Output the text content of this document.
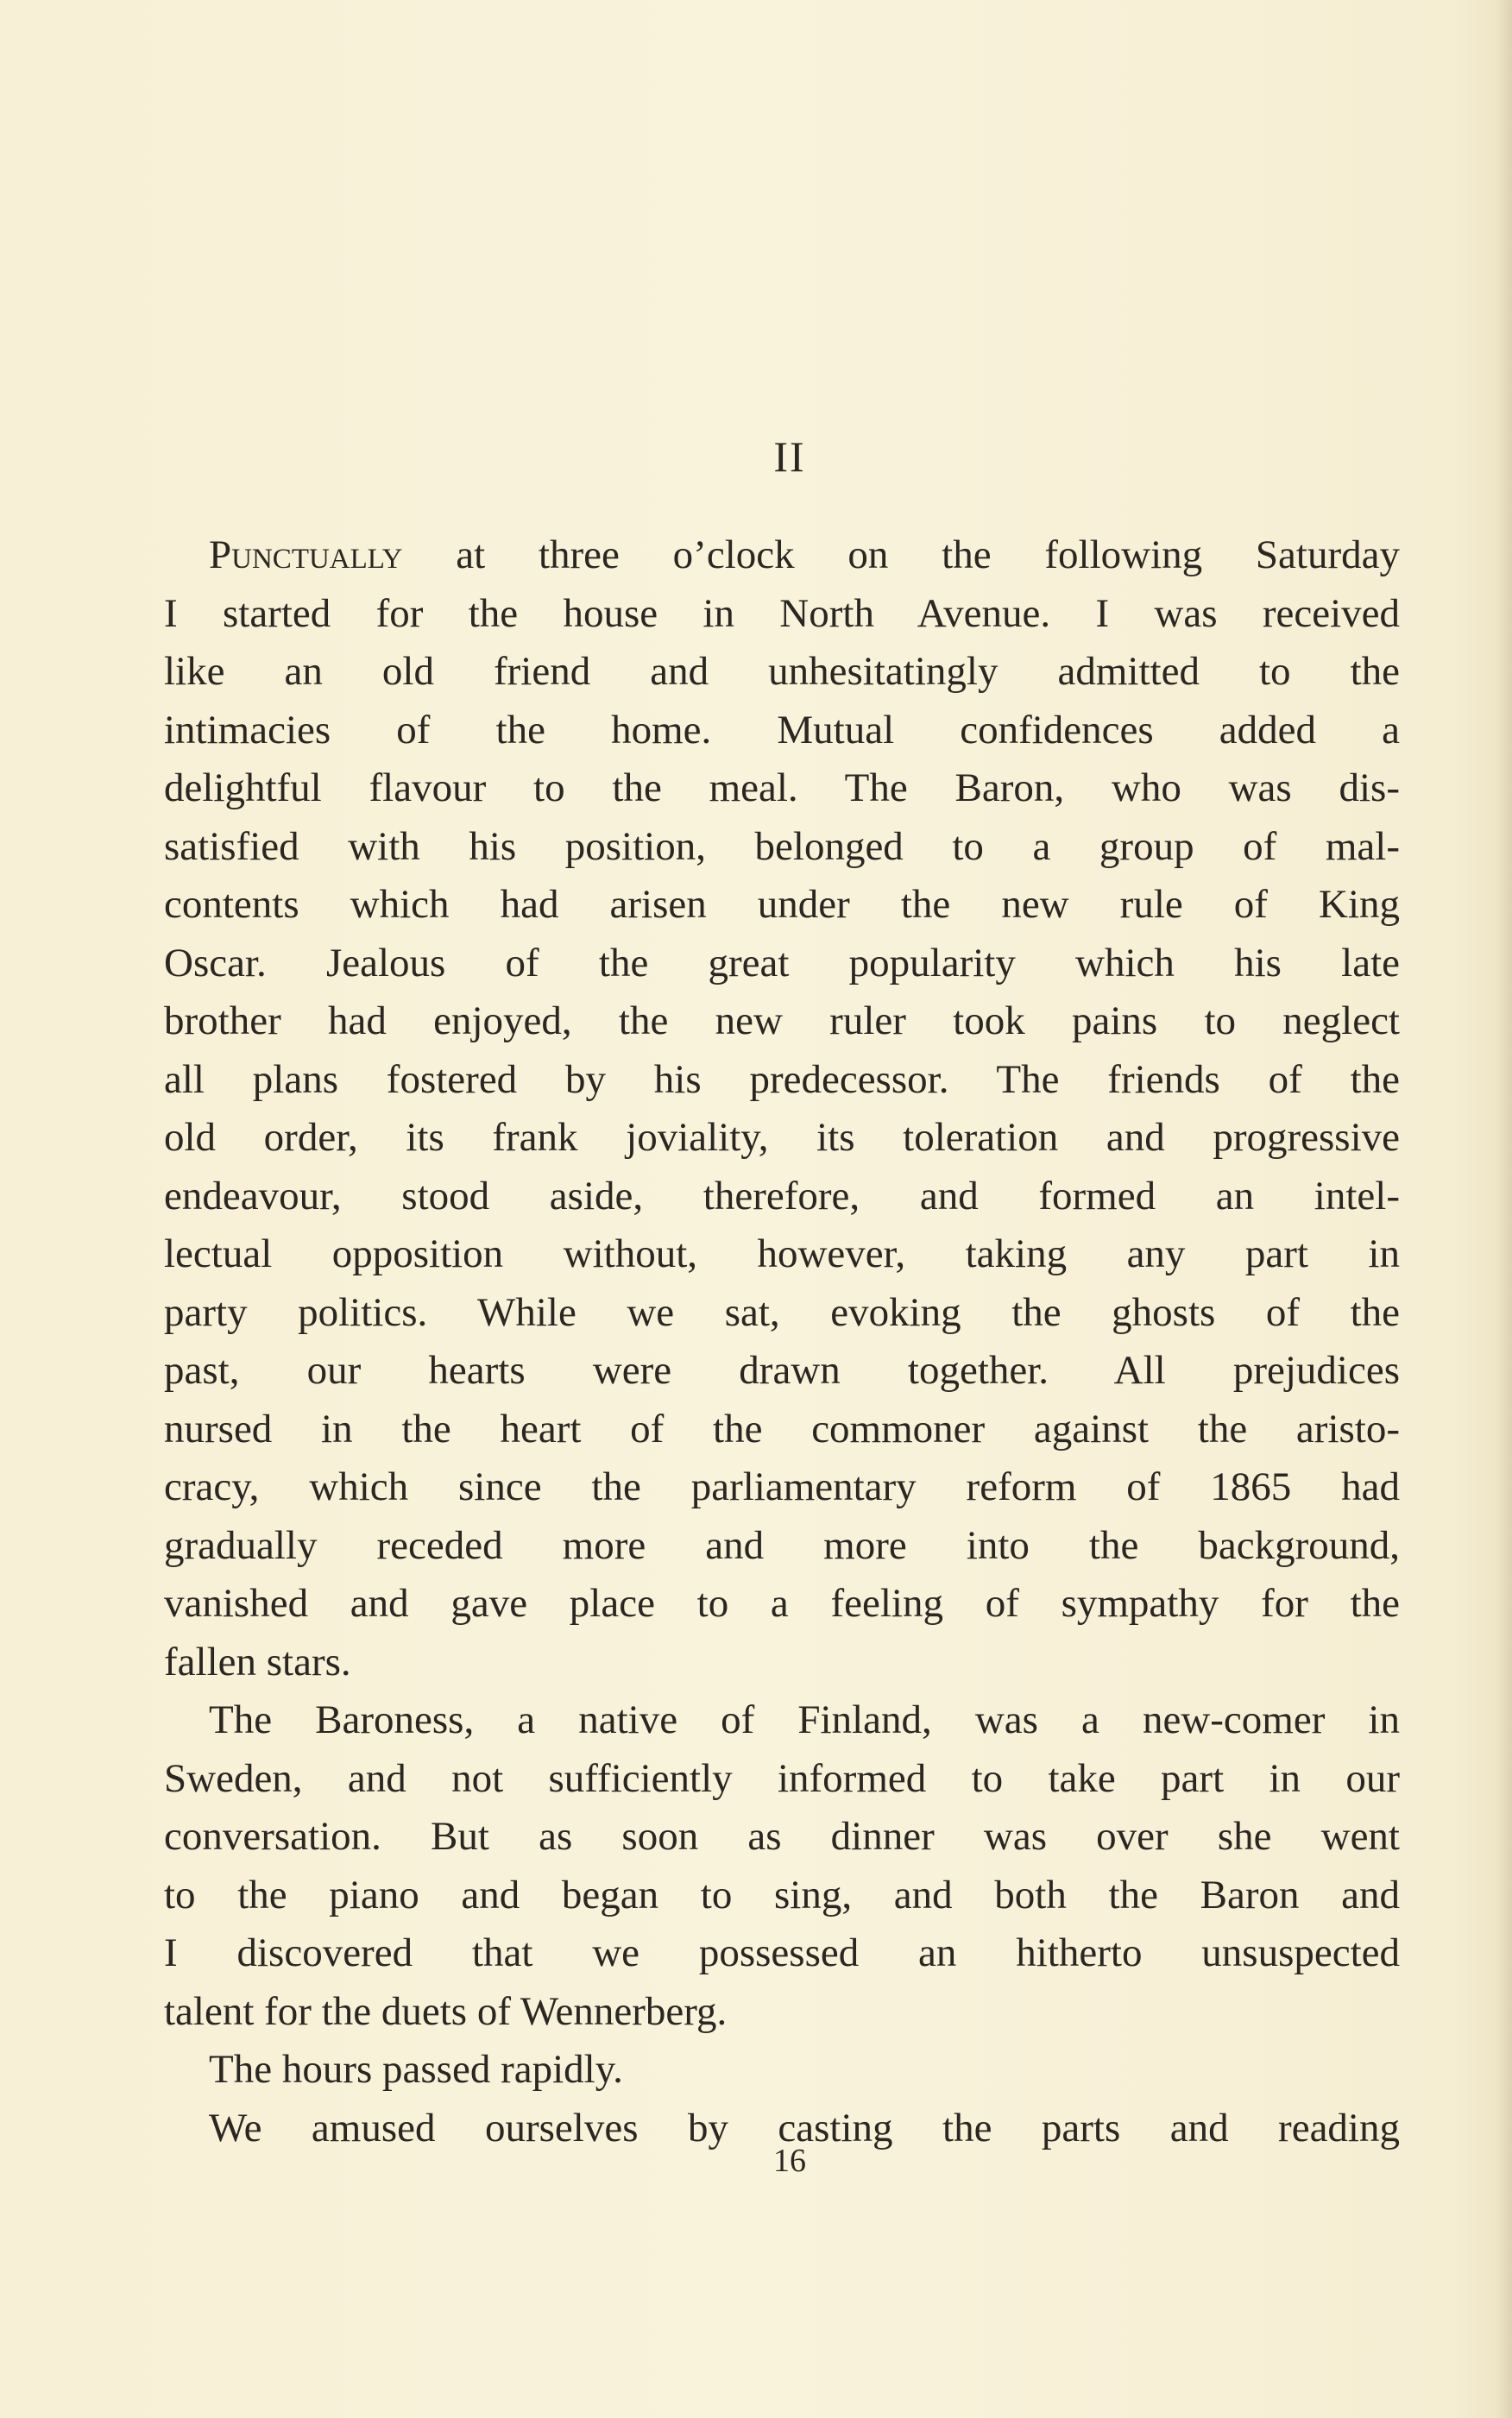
II
Punctually at three o’clock on the following Saturday
I started for the house in North Avenue. I was received
like an old friend and unhesitatingly admitted to the
intimacies of the home. Mutual confidences added a
delightful flavour to the meal. The Baron, who was dis-
satisfied with his position, belonged to a group of mal-
contents which had arisen under the new rule of King
Oscar. Jealous of the great popularity which his late
brother had enjoyed, the new ruler took pains to neglect
all plans fostered by his predecessor. The friends of the
old order, its frank joviality, its toleration and progressive
endeavour, stood aside, therefore, and formed an intel-
lectual opposition without, however, taking any part in
party politics. While we sat, evoking the ghosts of the
past, our hearts were drawn together. All prejudices
nursed in the heart of the commoner against the aristo-
cracy, which since the parliamentary reform of 1865 had
gradually receded more and more into the background,
vanished and gave place to a feeling of sympathy for the
fallen stars.
The Baroness, a native of Finland, was a new-comer in
Sweden, and not sufficiently informed to take part in our
conversation. But as soon as dinner was over she went
to the piano and began to sing, and both the Baron and
I discovered that we possessed an hitherto unsuspected
talent for the duets of Wennerberg.
The hours passed rapidly.
We amused ourselves by casting the parts and reading
16
